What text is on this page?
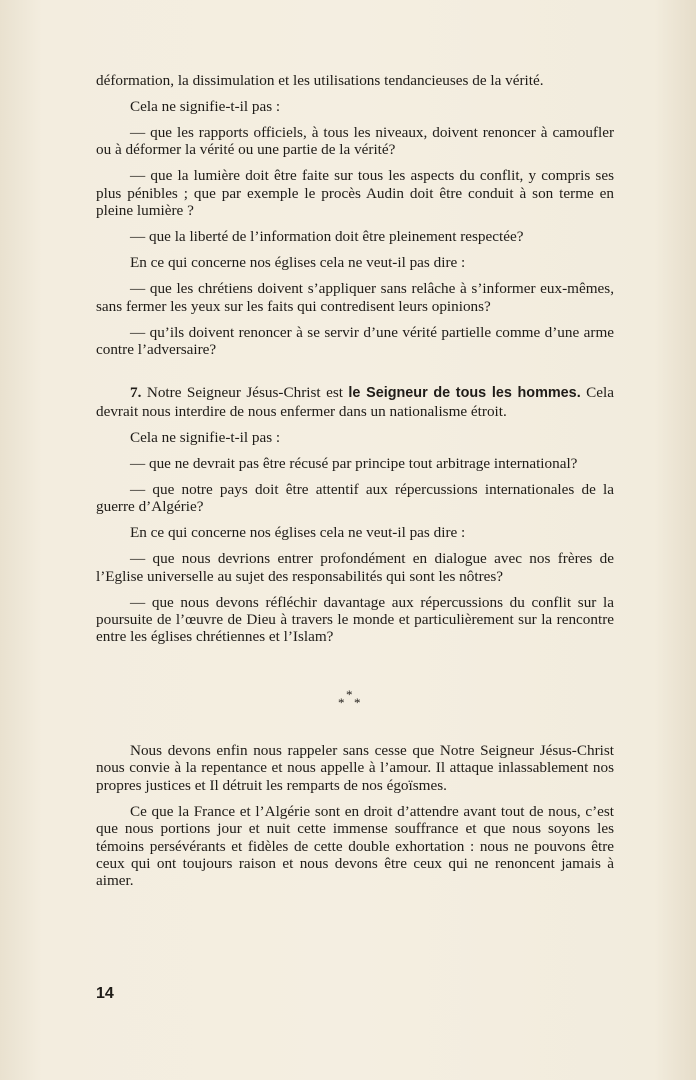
déformation, la dissimulation et les utilisations tendancieuses de la vérité.

Cela ne signifie-t-il pas :

— que les rapports officiels, à tous les niveaux, doivent renoncer à camoufler ou à déformer la vérité ou une partie de la vérité?

— que la lumière doit être faite sur tous les aspects du conflit, y compris ses plus pénibles ; que par exemple le procès Audin doit être conduit à son terme en pleine lumière ?

— que la liberté de l’information doit être pleinement respectée?

En ce qui concerne nos églises cela ne veut-il pas dire :

— que les chrétiens doivent s’appliquer sans relâche à s’informer eux-mêmes, sans fermer les yeux sur les faits qui contredisent leurs opinions?

— qu’ils doivent renoncer à se servir d’une vérité partielle comme d’une arme contre l’adversaire?

7. Notre Seigneur Jésus-Christ est le Seigneur de tous les hommes. Cela devrait nous interdire de nous enfermer dans un nationalisme étroit.

Cela ne signifie-t-il pas :

— que ne devrait pas être récusé par principe tout arbitrage international?

— que notre pays doit être attentif aux répercussions internationales de la guerre d’Algérie?

En ce qui concerne nos églises cela ne veut-il pas dire :

— que nous devrions entrer profondément en dialogue avec nos frères de l’Eglise universelle au sujet des responsabilités qui sont les nôtres?

— que nous devons réfléchir davantage aux répercussions du conflit sur la poursuite de l’œuvre de Dieu à travers le monde et particulièrement sur la rencontre entre les églises chrétiennes et l’Islam?

*
* *

Nous devons enfin nous rappeler sans cesse que Notre Seigneur Jésus-Christ nous convie à la repentance et nous appelle à l’amour. Il attaque inlassablement nos propres justices et Il détruit les remparts de nos égoïsmes.

Ce que la France et l’Algérie sont en droit d’attendre avant tout de nous, c’est que nous portions jour et nuit cette immense souffrance et que nous soyons les témoins persévérants et fidèles de cette double exhortation : nous ne pouvons être ceux qui ont toujours raison et nous devons être ceux qui ne renoncent jamais à aimer.

14
